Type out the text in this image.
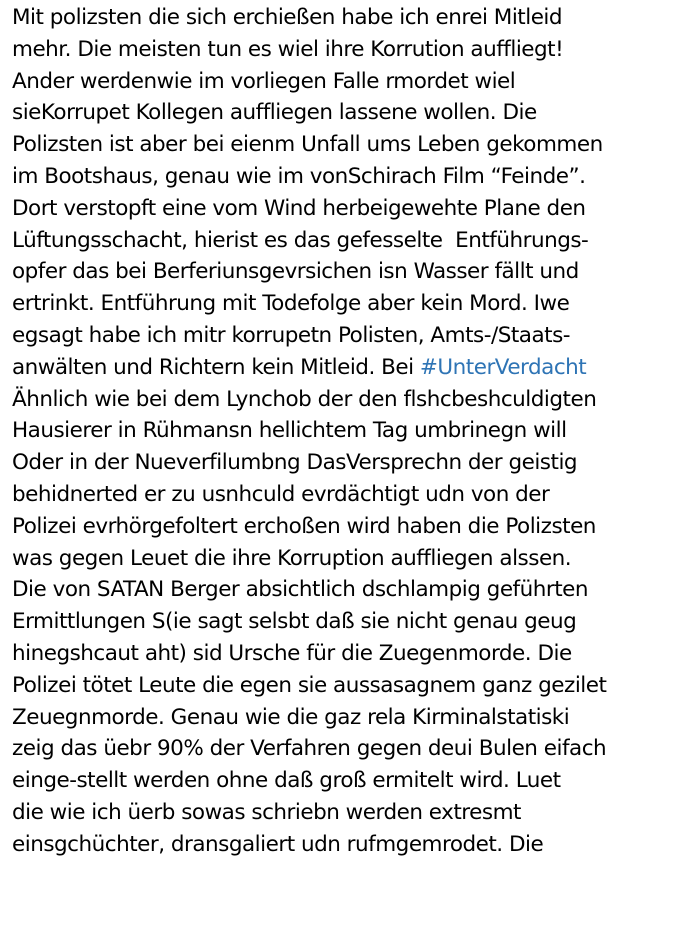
Mit polizsten die sich erchießen habe ich enrei Mitleid
mehr. Die meisten tun es wiel ihre Korrution auffliegt!
Ander werdenwie im vorliegen Falle rmordet wiel
sieKorrupet Kollegen auffliegen lassene wollen. Die
Polizsten ist aber bei eienm Unfall ums Leben gekommen
im Bootshaus, genau wie im vonSchirach Film “Feinde”.
Dort verstopft eine vom Wind herbeigewehte Plane den
Lüftungsschacht, hierist es das gefesselte  Entführungs-
opfer das bei Berferiunsgevrsichen isn Wasser fällt und
ertrinkt. Entführung mit Todefolge aber kein Mord. Iwe
egsagt habe ich mitr korrupetn Polisten, Amts-/Staats-
anwälten und Richtern kein Mitleid. Bei #UnterVerdacht
Ähnlich wie bei dem Lynchob der den flshcbeshculdigten
Hausierer in Rühmansn hellichtem Tag umbrinegn will
Oder in der Nueverfilumbng DasVersprechn der geistig
behidnerted er zu usnhculd evrdächtigt udn von der
Polizei evrhörgefoltert erchoßen wird haben die Polizsten
was gegen Leuet die ihre Korruption auffliegen alssen.
Die von SATAN Berger absichtlich dschlampig geführten
Ermittlungen S(ie sagt selsbt daß sie nicht genau geug
hinegshcaut aht) sid Ursche für die Zuegenmorde. Die
Polizei tötet Leute die egen sie aussasagnem ganz gezilet
Zeuegnmorde. Genau wie die gaz rela Kirminalstatiski
zeig das üebr 90% der Verfahren gegen deui Bulen eifach
einge-stellt werden ohne daß groß ermitelt wird. Luet
die wie ich üerb sowas schriebn werden extresmt
einsgchüchter, dransgaliert udn rufmgemrodet. Die
